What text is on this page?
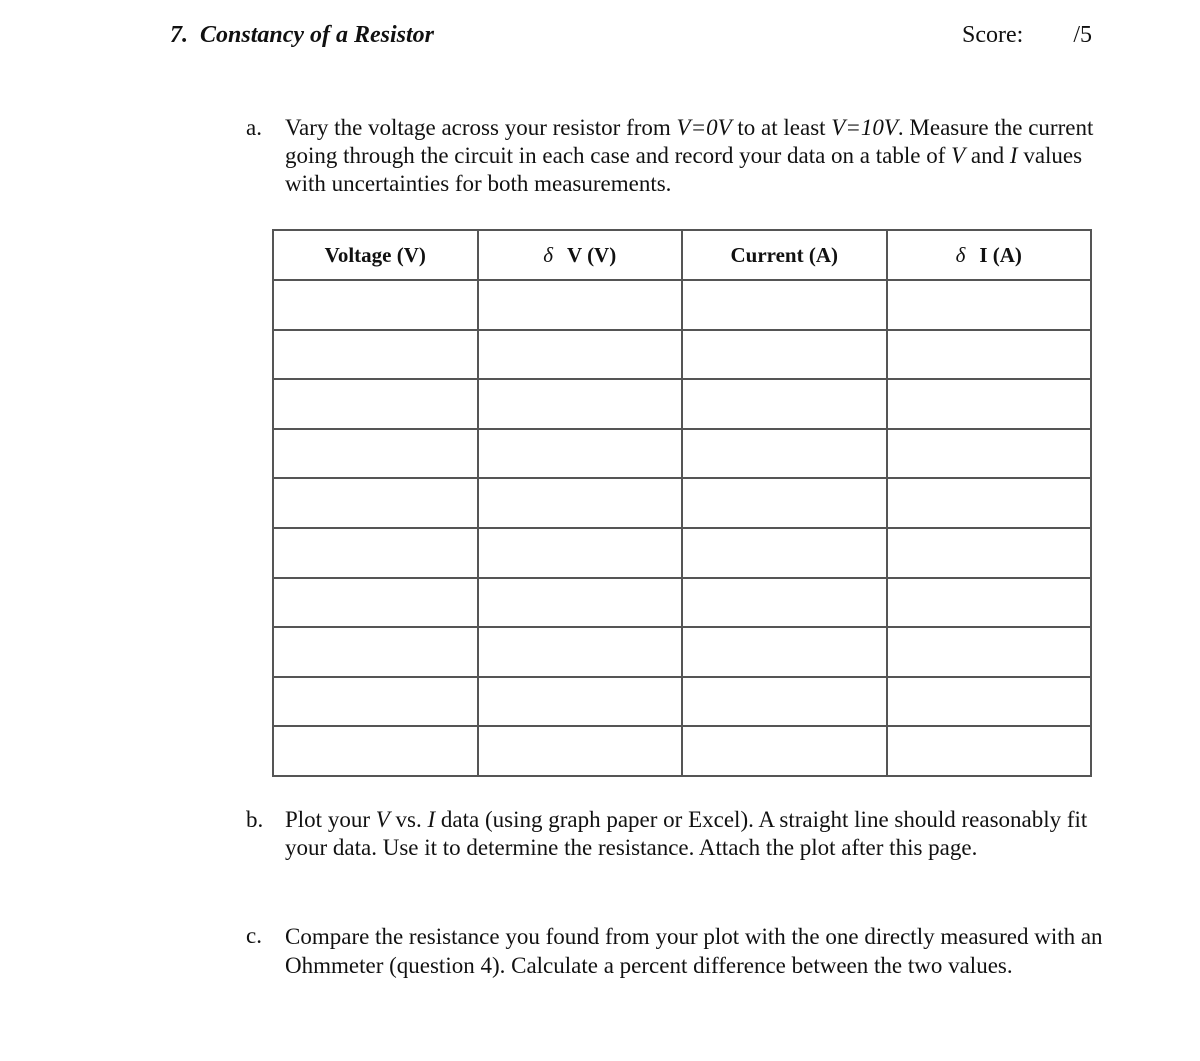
7. Constancy of a Resistor	Score: /5
a. Vary the voltage across your resistor from V=0V to at least V=10V. Measure the current going through the circuit in each case and record your data on a table of V and I values with uncertainties for both measurements.
Voltage (V)	δ V (V)	Current (A)	δ I (A)

b. Plot your V vs. I data (using graph paper or Excel). A straight line should reasonably fit your data. Use it to determine the resistance. Attach the plot after this page.
c. Compare the resistance you found from your plot with the one directly measured with an Ohmmeter (question 4). Calculate a percent difference between the two values.
